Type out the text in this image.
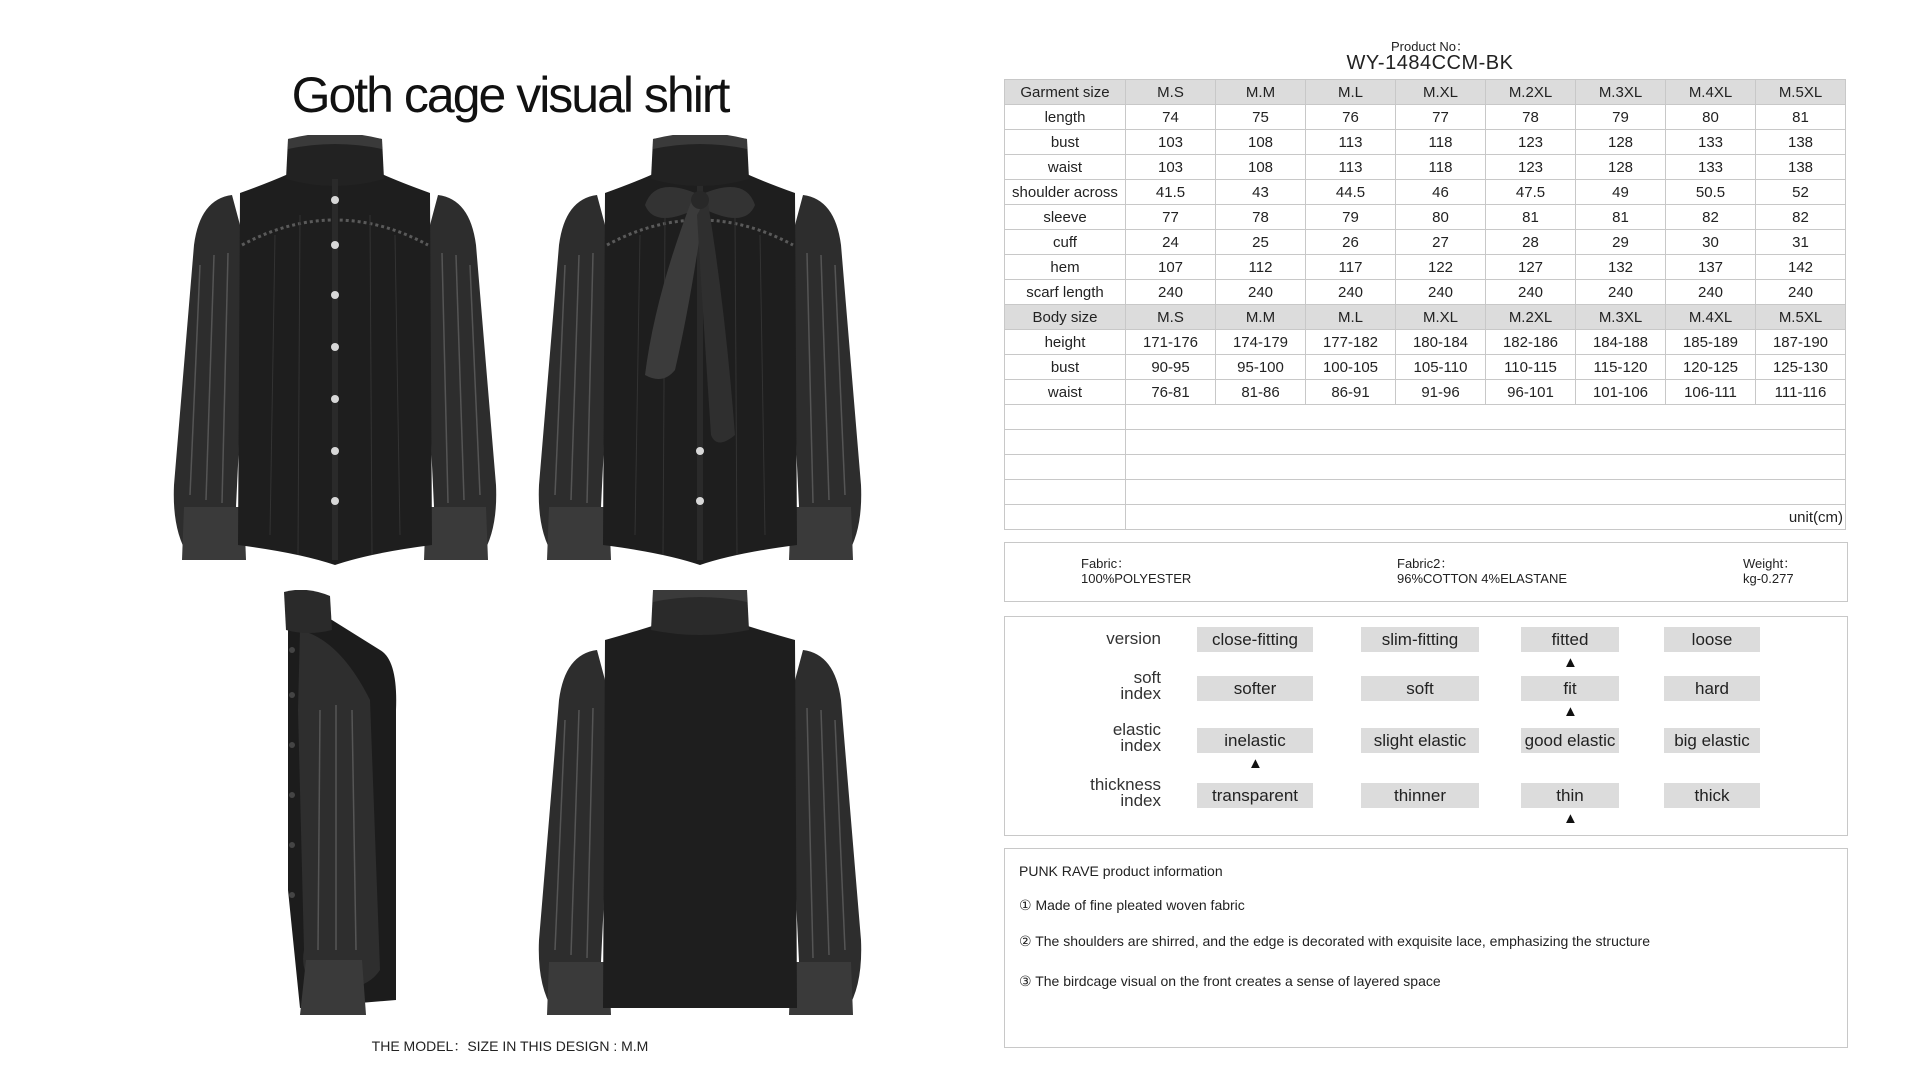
Goth cage visual shirt
THE MODEL：SIZE IN THIS DESIGN : M.M
Product No：
WY-1484CCM-BK
Garment size	M.S	M.M	M.L	M.XL	M.2XL	M.3XL	M.4XL	M.5XL
length	74	75	76	77	78	79	80	81
bust	103	108	113	118	123	128	133	138
waist	103	108	113	118	123	128	133	138
shoulder across	41.5	43	44.5	46	47.5	49	50.5	52
sleeve	77	78	79	80	81	81	82	82
cuff	24	25	26	27	28	29	30	31
hem	107	112	117	122	127	132	137	142
scarf length	240	240	240	240	240	240	240	240
Body size	M.S	M.M	M.L	M.XL	M.2XL	M.3XL	M.4XL	M.5XL
height	171-176	174-179	177-182	180-184	182-186	184-188	185-189	187-190
bust	90-95	95-100	100-105	105-110	110-115	115-120	120-125	125-130
waist	76-81	81-86	86-91	91-96	96-101	101-106	106-111	111-116

	unit(cm)							
Fabric：
100%POLYESTER
Fabric2：
96%COTTON 4%ELASTANE
Weight：
kg-0.277
version	close-fitting	slim-fitting	fitted	loose
▲
soft
index	softer	soft	fit	hard
▲
elastic
index	inelastic	slight elastic	good elastic	big elastic
▲
thickness
index	transparent	thinner	thin	thick
▲
PUNK RAVE product information
① Made of fine pleated woven fabric
② The shoulders are shirred, and the edge is decorated with exquisite lace, emphasizing the structure
③ The birdcage visual on the front creates a sense of layered space
